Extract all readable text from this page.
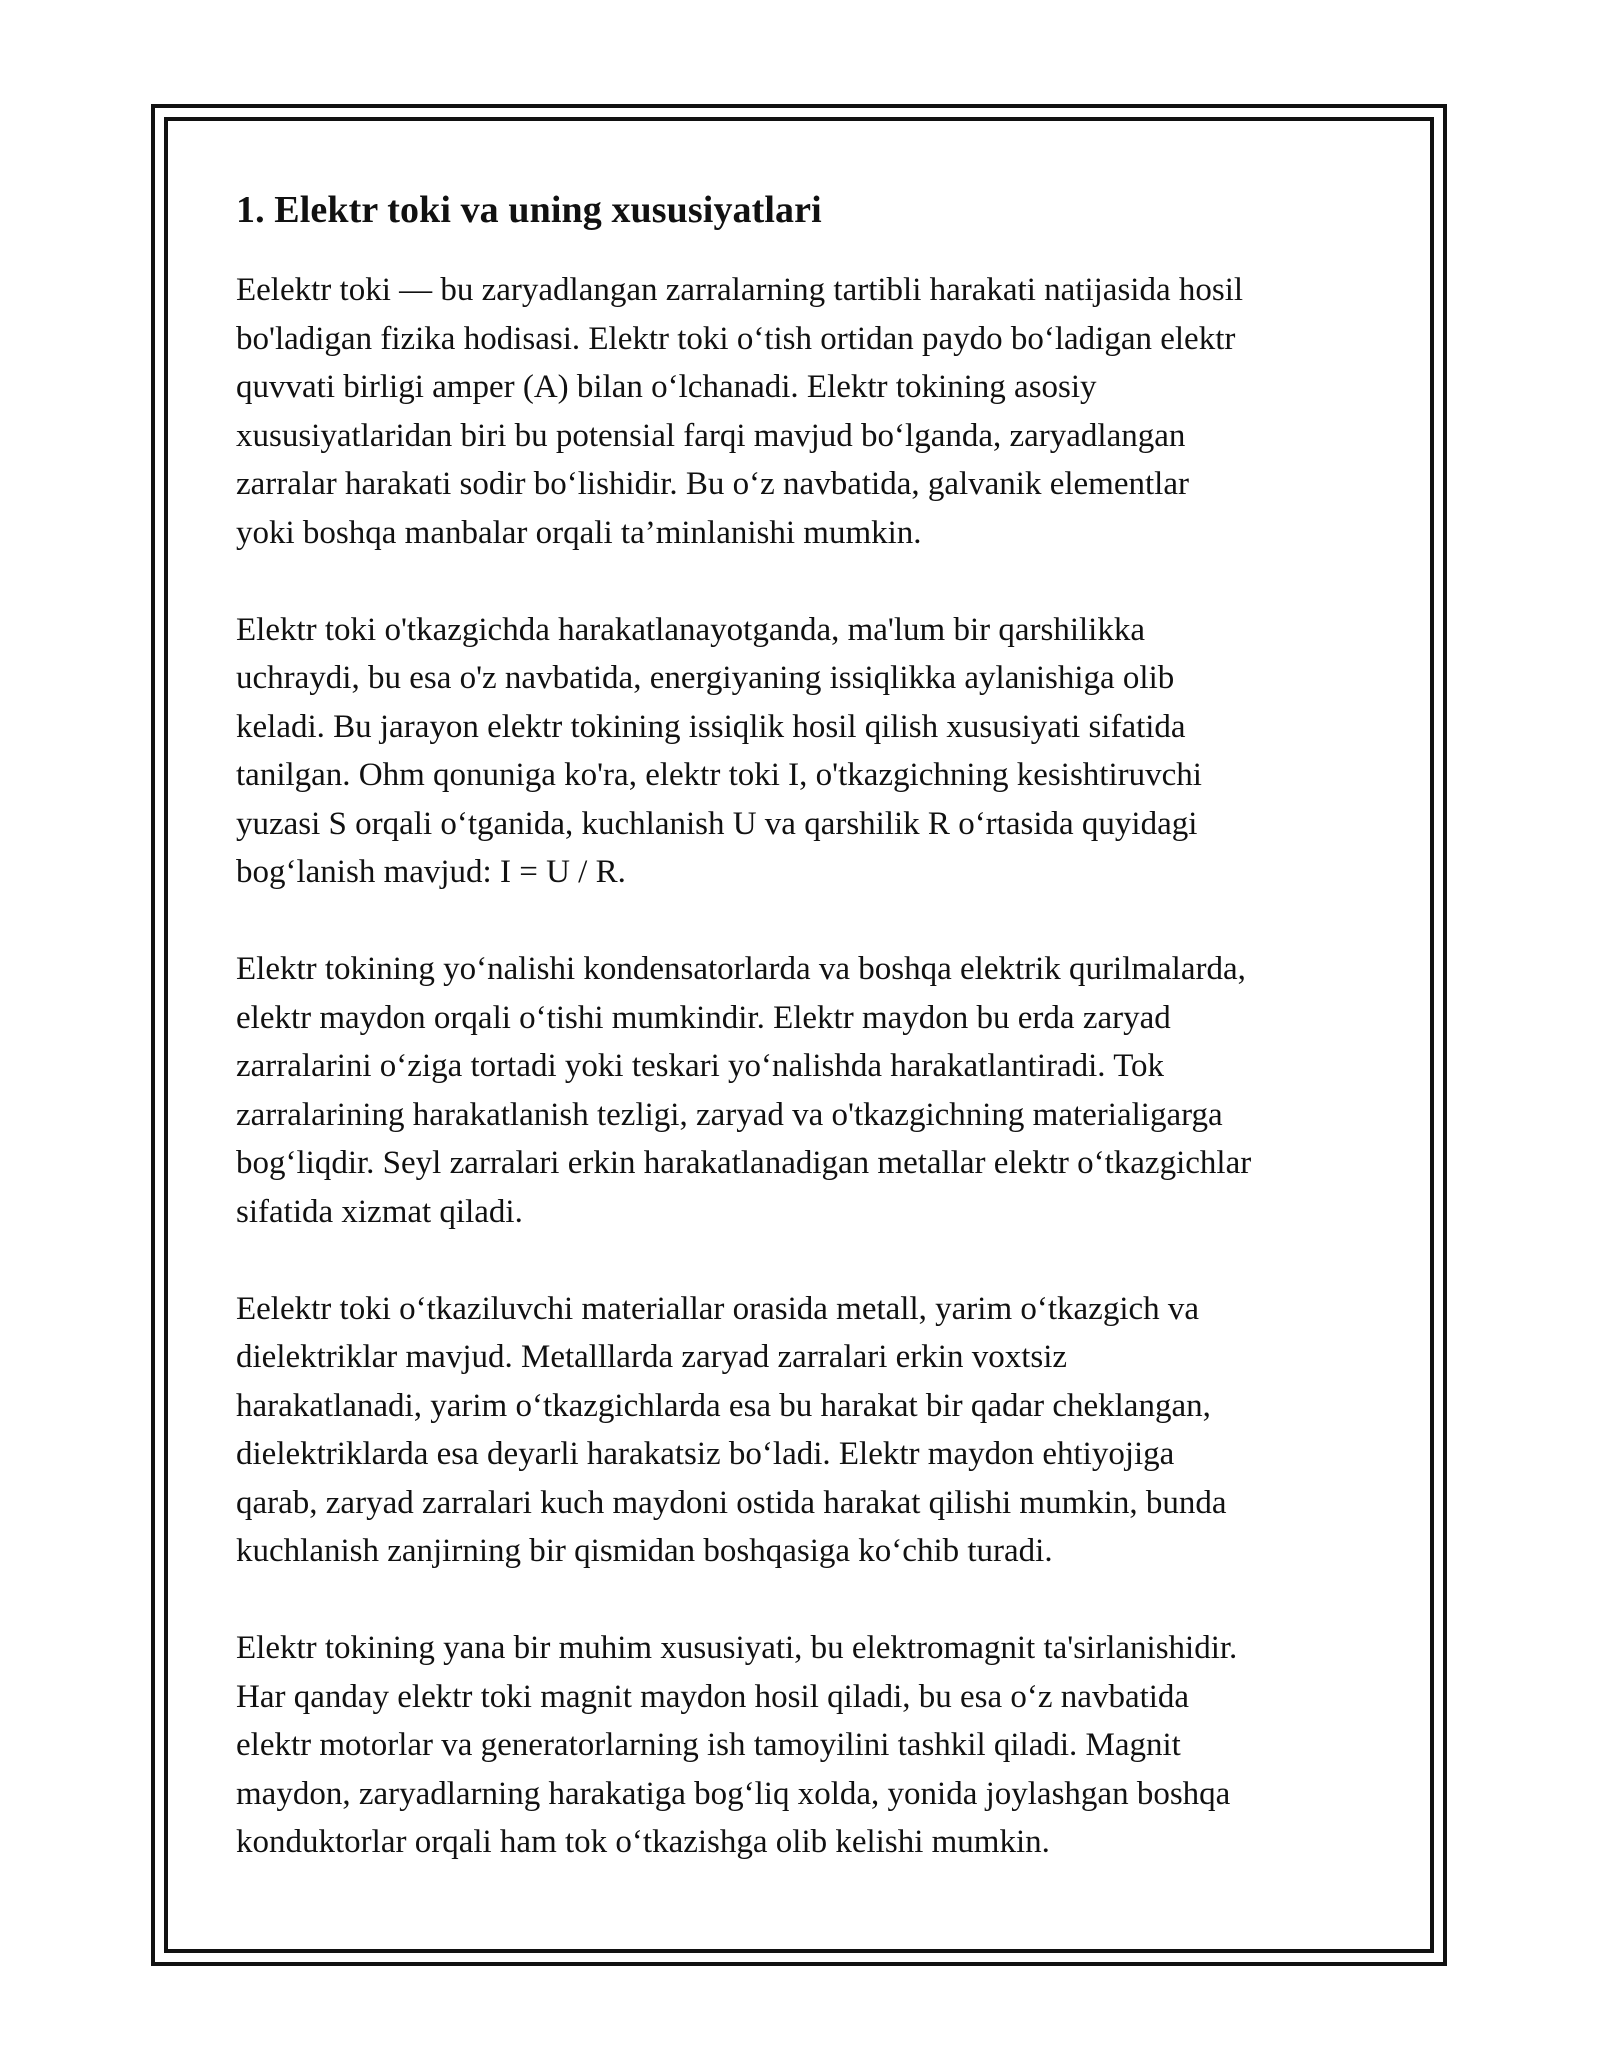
1. Elektr toki va uning xususiyatlari

Eelektr toki — bu zaryadlangan zarralarning tartibli harakati natijasida hosil
bo'ladigan fizika hodisasi. Elektr toki o‘tish ortidan paydo bo‘ladigan elektr
quvvati birligi amper (A) bilan o‘lchanadi. Elektr tokining asosiy
xususiyatlaridan biri bu potensial farqi mavjud bo‘lganda, zaryadlangan
zarralar harakati sodir bo‘lishidir. Bu o‘z navbatida, galvanik elementlar
yoki boshqa manbalar orqali ta’minlanishi mumkin.

Elektr toki o'tkazgichda harakatlanayotganda, ma'lum bir qarshilikka
uchraydi, bu esa o'z navbatida, energiyaning issiqlikka aylanishiga olib
keladi. Bu jarayon elektr tokining issiqlik hosil qilish xususiyati sifatida
tanilgan. Ohm qonuniga ko'ra, elektr toki I, o'tkazgichning kesishtiruvchi
yuzasi S orqali o‘tganida, kuchlanish U va qarshilik R o‘rtasida quyidagi
bog‘lanish mavjud: I = U / R.

Elektr tokining yo‘nalishi kondensatorlarda va boshqa elektrik qurilmalarda,
elektr maydon orqali o‘tishi mumkindir. Elektr maydon bu erda zaryad
zarralarini o‘ziga tortadi yoki teskari yo‘nalishda harakatlantiradi. Tok
zarralarining harakatlanish tezligi, zaryad va o'tkazgichning materialigarga
bog‘liqdir. Seyl zarralari erkin harakatlanadigan metallar elektr o‘tkazgichlar
sifatida xizmat qiladi.

Eelektr toki o‘tkaziluvchi materiallar orasida metall, yarim o‘tkazgich va
dielektriklar mavjud. Metalllarda zaryad zarralari erkin voxtsiz
harakatlanadi, yarim o‘tkazgichlarda esa bu harakat bir qadar cheklangan,
dielektriklarda esa deyarli harakatsiz bo‘ladi. Elektr maydon ehtiyojiga
qarab, zaryad zarralari kuch maydoni ostida harakat qilishi mumkin, bunda
kuchlanish zanjirning bir qismidan boshqasiga ko‘chib turadi.

Elektr tokining yana bir muhim xususiyati, bu elektromagnit ta'sirlanishidir.
Har qanday elektr toki magnit maydon hosil qiladi, bu esa o‘z navbatida
elektr motorlar va generatorlarning ish tamoyilini tashkil qiladi. Magnit
maydon, zaryadlarning harakatiga bog‘liq xolda, yonida joylashgan boshqa
konduktorlar orqali ham tok o‘tkazishga olib kelishi mumkin.
